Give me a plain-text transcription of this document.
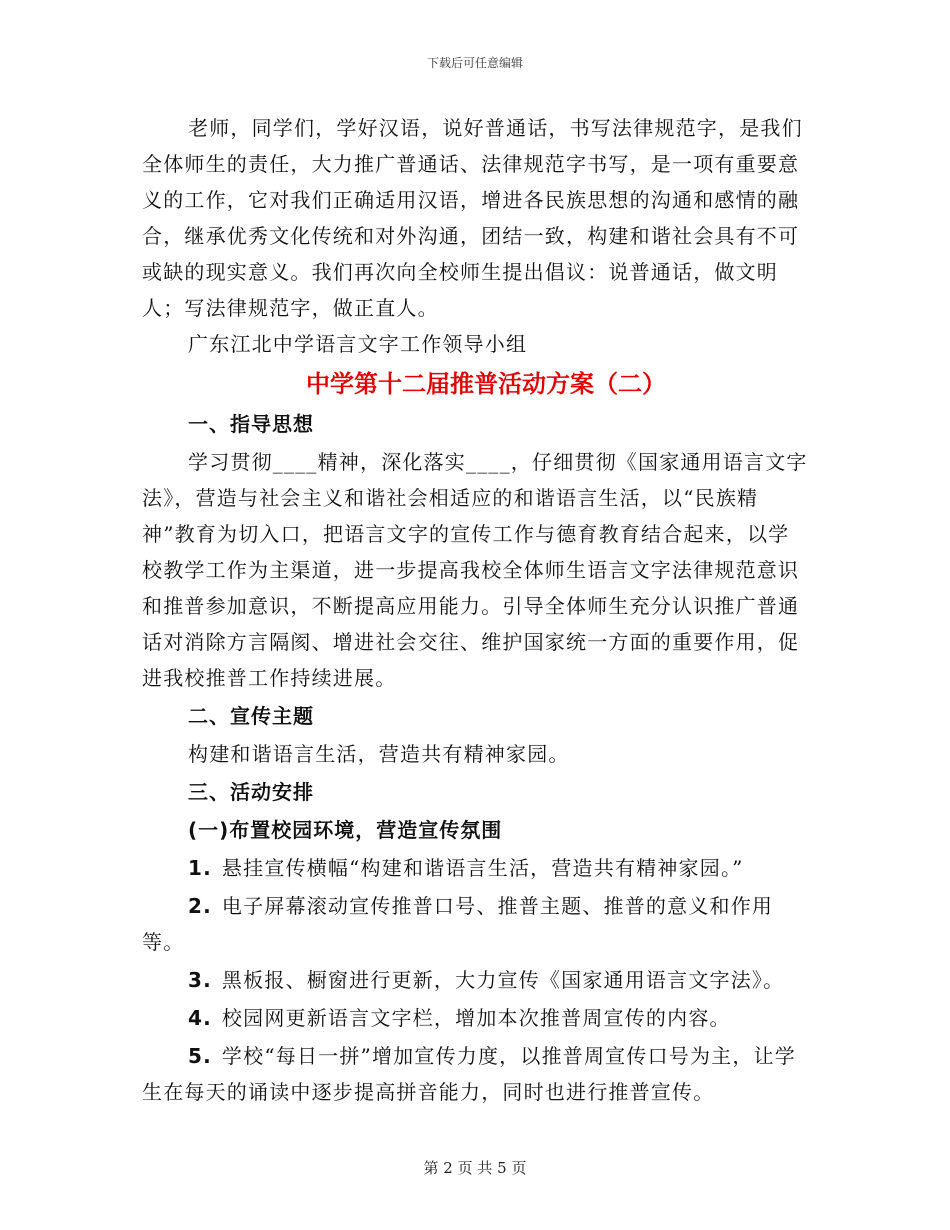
下载后可任意编辑

老师，同学们，学好汉语，说好普通话，书写法律规范字，是我们全体师生的责任，大力推广普通话、法律规范字书写，是一项有重要意义的工作，它对我们正确适用汉语，增进各民族思想的沟通和感情的融合，继承优秀文化传统和对外沟通，团结一致，构建和谐社会具有不可或缺的现实意义。我们再次向全校师生提出倡议：说普通话，做文明人；写法律规范字，做正直人。

广东江北中学语言文字工作领导小组

中学第十二届推普活动方案（二）
一、指导思想

学习贯彻____精神，深化落实____，仔细贯彻《国家通用语言文字法》，营造与社会主义和谐社会相适应的和谐语言生活，以“民族精神”教育为切入口，把语言文字的宣传工作与德育教育结合起来，以学校教学工作为主渠道，进一步提高我校全体师生语言文字法律规范意识和推普参加意识，不断提高应用能力。引导全体师生充分认识推广普通话对消除方言隔阂、增进社会交往、维护国家统一方面的重要作用，促进我校推普工作持续进展。

二、宣传主题

构建和谐语言生活，营造共有精神家园。

三、活动安排
(一)布置校园环境，营造宣传氛围

1. 悬挂宣传横幅“构建和谐语言生活，营造共有精神家园。”

2. 电子屏幕滚动宣传推普口号、推普主题、推普的意义和作用等。

3. 黑板报、橱窗进行更新，大力宣传《国家通用语言文字法》。

4. 校园网更新语言文字栏，增加本次推普周宣传的内容。

5. 学校“每日一拼”增加宣传力度，以推普周宣传口号为主，让学生在每天的诵读中逐步提高拼音能力，同时也进行推普宣传。

第 2 页 共 5 页
